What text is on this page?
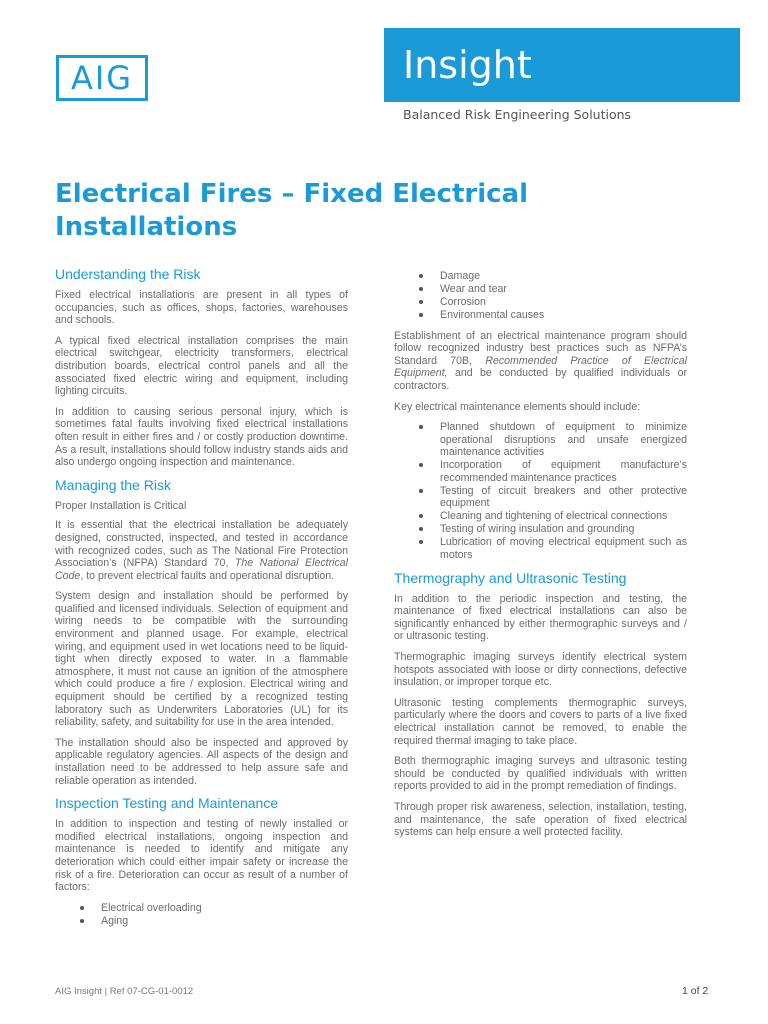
AIG	Insight
Balanced Risk Engineering Solutions
Electrical Fires – Fixed Electrical Installations
Understanding the Risk

Fixed electrical installations are present in all types of occupancies, such as offices, shops, factories, warehouses and schools.

A typical fixed electrical installation comprises the main electrical switchgear, electricity transformers, electrical distribution boards, electrical control panels and all the associated fixed electric wiring and equipment, including lighting circuits.

In addition to causing serious personal injury, which is sometimes fatal faults involving fixed electrical installations often result in either fires and / or costly production downtime. As a result, installations should follow industry stands aids and also undergo ongoing inspection and maintenance.

Managing the Risk

Proper Installation is Critical

It is essential that the electrical installation be adequately designed, constructed, inspected, and tested in accordance with recognized codes, such as The National Fire Protection Association’s (NFPA) Standard 70, The National Electrical Code, to prevent electrical faults and operational disruption.

System design and installation should be performed by qualified and licensed individuals. Selection of equipment and wiring needs to be compatible with the surrounding environment and planned usage. For example, electrical wiring, and equipment used in wet locations need to be liquid-tight when directly exposed to water. In a flammable atmosphere, it must not cause an ignition of the atmosphere which could produce a fire / explosion. Electrical wiring and equipment should be certified by a recognized testing laboratory such as Underwriters Laboratories (UL) for its reliability, safety, and suitability for use in the area intended.

The installation should also be inspected and approved by applicable regulatory agencies. All aspects of the design and installation need to be addressed to help assure safe and reliable operation as intended.

Inspection Testing and Maintenance

In addition to inspection and testing of newly installed or modified electrical installations, ongoing inspection and maintenance is needed to identify and mitigate any deterioration which could either impair safety or increase the risk of a fire. Deterioration can occur as result of a number of factors:

Electrical overloading
Aging
Damage
Wear and tear
Corrosion
Environmental causes

Establishment of an electrical maintenance program should follow recognized industry best practices such as NFPA’s Standard 70B, Recommended Practice of Electrical Equipment, and be conducted by qualified individuals or contractors.

Key electrical maintenance elements should include:

Planned shutdown of equipment to minimize operational disruptions and unsafe energized maintenance activities
Incorporation of equipment manufacture’s recommended maintenance practices
Testing of circuit breakers and other protective equipment
Cleaning and tightening of electrical connections
Testing of wiring insulation and grounding
Lubrication of moving electrical equipment such as motors
Thermography and Ultrasonic Testing

In addition to the periodic inspection and testing, the maintenance of fixed electrical installations can also be significantly enhanced by either thermographic surveys and / or ultrasonic testing.

Thermographic imaging surveys identify electrical system hotspots associated with loose or dirty connections, defective insulation, or improper torque etc.

Ultrasonic testing complements thermographic surveys, particularly where the doors and covers to parts of a live fixed electrical installation cannot be removed, to enable the required thermal imaging to take place.

Both thermographic imaging surveys and ultrasonic testing should be conducted by qualified individuals with written reports provided to aid in the prompt remediation of findings.

Through proper risk awareness, selection, installation, testing, and maintenance, the safe operation of fixed electrical systems can help ensure a well protected facility.

AIG Insight | Ref 07-CG-01-0012	1 of 2
